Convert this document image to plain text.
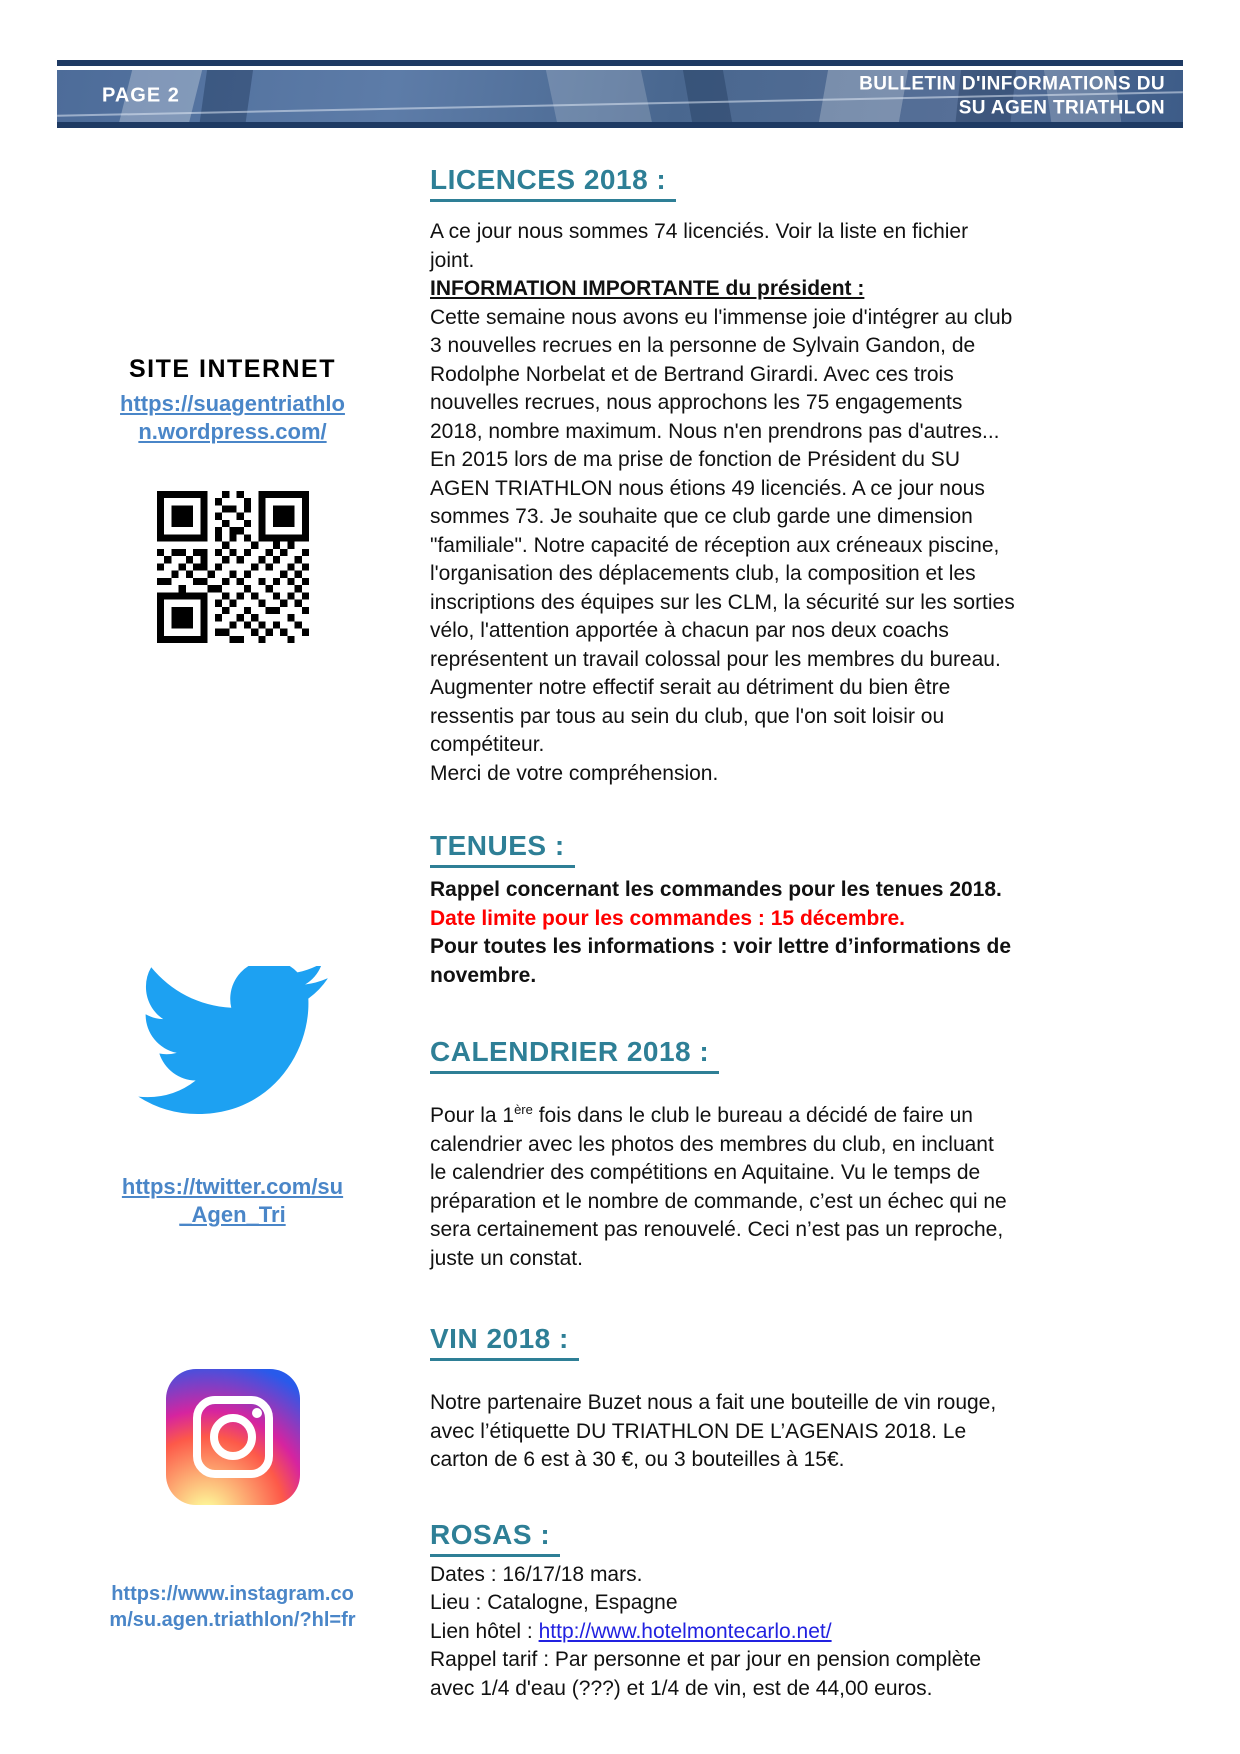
PAGE 2
BULLETIN D'INFORMATIONS DU
SU AGEN TRIATHLON
SITE INTERNET
https://suagentriathlo
n.wordpress.com/
https://twitter.com/su
_Agen_Tri
https://www.instagram.co
m/su.agen.triathlon/?hl=fr
LICENCES 2018 :

A ce jour nous sommes 74 licenciés. Voir la liste en fichier joint.

INFORMATION IMPORTANTE du président :

Cette semaine nous avons eu l'immense joie d'intégrer au club 3 nouvelles recrues en la personne de Sylvain Gandon, de Rodolphe Norbelat et de Bertrand Girardi. Avec ces trois nouvelles recrues, nous approchons les 75 engagements 2018, nombre maximum. Nous n'en prendrons pas d'autres...

En 2015 lors de ma prise de fonction de Président du SU AGEN TRIATHLON nous étions 49 licenciés. A ce jour nous sommes 73. Je souhaite que ce club garde une dimension "familiale". Notre capacité de réception aux créneaux piscine, l'organisation des déplacements club, la composition et les inscriptions des équipes sur les CLM, la sécurité sur les sorties vélo, l'attention apportée à chacun par nos deux coachs représentent un travail colossal pour les membres du bureau.

Augmenter notre effectif serait au détriment du bien être ressentis par tous au sein du club, que l'on soit loisir ou compétiteur.

Merci de votre compréhension.

TENUES :

Rappel concernant les commandes pour les tenues 2018.

Date limite pour les commandes : 15 décembre.

Pour toutes les informations : voir lettre d’informations de novembre.

CALENDRIER 2018 :

Pour la 1ère fois dans le club le bureau a décidé de faire un calendrier avec les photos des membres du club, en incluant le calendrier des compétitions en Aquitaine. Vu le temps de préparation et le nombre de commande, c’est un échec qui ne sera certainement pas renouvelé. Ceci n’est pas un reproche, juste un constat.

VIN 2018 :

Notre partenaire Buzet nous a fait une bouteille de vin rouge, avec l’étiquette DU TRIATHLON DE L’AGENAIS 2018. Le carton de 6 est à 30 €, ou 3 bouteilles à 15€.

ROSAS :

Dates : 16/17/18 mars.

Lieu : Catalogne, Espagne

Lien hôtel : http://www.hotelmontecarlo.net/

Rappel tarif : Par personne et par jour en pension complète avec 1/4 d'eau (???) et 1/4 de vin, est de 44,00 euros.
